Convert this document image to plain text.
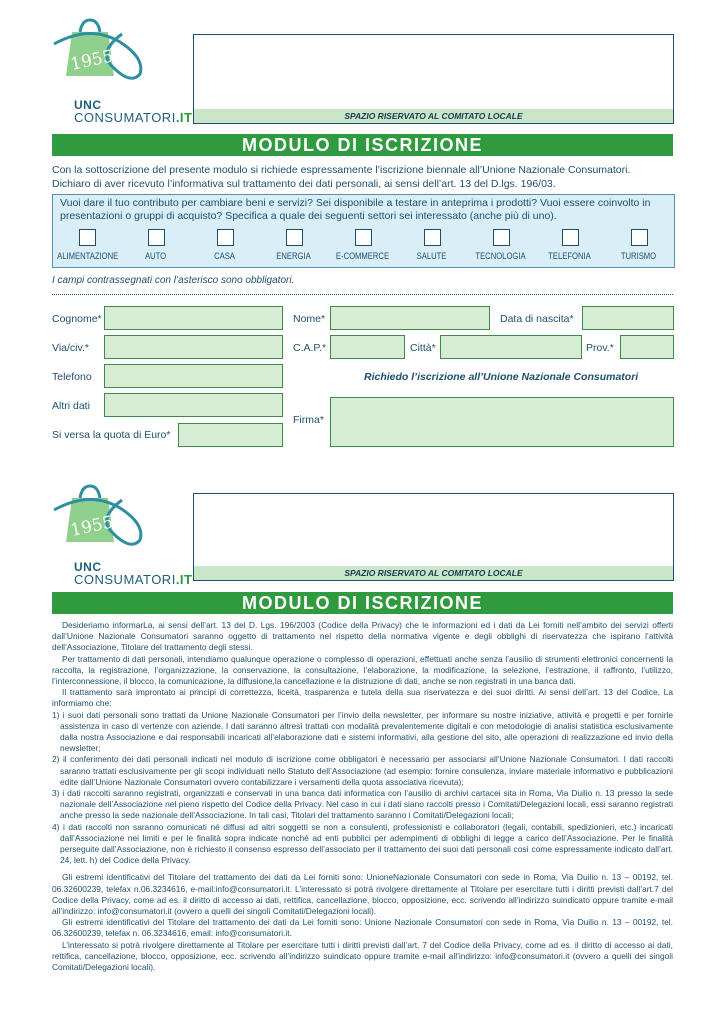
1955
UNC
CONSUMATORI.IT	SPAZIO RISERVATO AL COMITATO LOCALE
MODULO DI ISCRIZIONE
Con la sottoscrizione del presente modulo si richiede espressamente l’iscrizione biennale all’Unione Nazionale Consumatori.
Dichiaro di aver ricevuto l’informativa sul trattamento dei dati personali, ai sensi dell’art. 13 del D.lgs. 196/03.
Vuoi dare il tuo contributo per cambiare beni e servizi? Sei disponibile a testare in anteprima i prodotti? Vuoi essere coinvolto in presentazioni o gruppi di acquisto? Specifica a quale dei seguenti settori sei interessato (anche più di uno).
ALIMENTAZIONE	AUTO	CASA	ENERGIA	E-COMMERCE	SALUTE	TECNOLOGIA	TELEFONIA	TURISMO
I campi contrassegnati con l’asterisco sono obbligatori.
Cognome*	Nome*	Data di nascita*
Via/civ.*	C.A.P.*	Città*	Prov.*
Telefono	Richiedo l’iscrizione all’Unione Nazionale Consumatori
Altri dati
Firma*
Si versa la quota di Euro*
1955
UNC
CONSUMATORI.IT	SPAZIO RISERVATO AL COMITATO LOCALE
MODULO DI ISCRIZIONE

Desideriamo informarLa, ai sensi dell’art. 13 del D. Lgs. 196/2003 (Codice della Privacy) che le informazioni ed i dati da Lei forniti nell’ambito dei servizi offerti dall’Unione Nazionale Consumatori saranno oggetto di trattamento nel rispetto della normativa vigente e degli obblighi di riservatezza che ispirano l’attività dell’Associazione, Titolare del trattamento degli stessi.

Per trattamento di dati personali, intendiamo qualunque operazione o complesso di operazioni, effettuati anche senza l’ausilio di strumenti elettronici concernenti la raccolta, la registrazione, l’organizzazione, la conservazione, la consultazione, l’elaborazione, la modificazione, la selezione, l’estrazione, il raffronto, l’utilizzo, l’interconnessione, il blocco, la comunicazione, la diffusione,la cancellazione e la distruzione di dati, anche se non registrati in una banca dati.

Il trattamento sarà improntato ai principi di correttezza, liceità, trasparenza e tutela della sua riservatezza e dei suoi diritti. Ai sensi dell’art. 13 del Codice, La informiamo che:

1) i suoi dati personali sono trattati da Unione Nazionale Consumatori per l’invio della newsletter, per informare su nostre iniziative, attività e progetti e per fornirle assistenza in caso di vertenze con aziende. I dati saranno altresì trattati con modalità prevalentemente digitali e con metodologie di analisi statistica esclusivamente dalla nostra Associazione e dai responsabili incaricati all’elaborazione dati e sistemi informativi, alla gestione del sito, alle operazioni di realizzazione ed invio della newsletter;

2) il conferimento dei dati personali indicati nel modulo di iscrizione come obbligatori è necessario per associarsi all’Unione Nazionale Consumatori. I dati raccolti saranno trattati esclusivamente per gli scopi individuati nello Statuto dell’Associazione (ad esempio: fornire consulenza, inviare materiale informativo e pubblicazioni edite dall’Unione Nazionale Consumatori ovvero contabilizzare i versamenti della quota associativa ricevuta);

3) i dati raccolti saranno registrati, organizzati e conservati in una banca dati informatica con l’ausilio di archivi cartacei sita in Roma, Via Duilio n. 13 presso la sede nazionale dell’Associazione nel pieno rispetto del Codice della Privacy. Nel caso in cui i dati siano raccolti presso i Comitati/Delegazioni locali, essi saranno registrati anche presso la sede nazionale dell’Associazione. In tali casi, Titolari del trattamento saranno i Comitati/Delegazioni locali;

4) i dati raccolti non saranno comunicati né diffusi ad altri soggetti se non a consulenti, professionisti e collaboratori (legali, contabili, spedizionieri, etc.) incaricati dall’Associazione nei limiti e per le finalità sopra indicate nonché ad enti pubblici per adempimenti di obblighi di legge a carico dell’Associazione. Per le finalità perseguite dall’Associazione, non è richiesto il consenso espresso dell’associato per il trattamento dei suoi dati personali così come espressamente indicato dall’art. 24, lett. h) del Codice della Privacy.

Gli estremi identificativi del Titolare del trattamento dei dati da Lei forniti sono: UnioneNazionale Consumatori con sede in Roma, Via Duilio n. 13 – 00192, tel. 06.32600239, telefax n.06.3234616, e-mail:info@consumatori.it. L’interessato si potrà rivolgere direttamente al Titolare per esercitare tutti i diritti previsti dall’art.7 del Codice della Privacy, come ad es. il diritto di accesso ai dati, rettifica, cancellazione, blocco, opposizione, ecc. scrivendo all’indirizzo suindicato oppure tramite e-mail all’indirizzo: info@consumatori.it (ovvero a quelli dei singoli Comitati/Delegazioni locali).

Gli estremi identificativi del Titolare del trattamento dei dati da Lei forniti sono: Unione Nazionale Consumatori con sede in Roma, Via Duilio n. 13 – 00192, tel. 06.32600239, telefax n. 06.3234616, email: info@consumatori.it.

L’interessato si potrà rivolgere direttamente al Titolare per esercitare tutti i diritti previsti dall’art. 7 del Codice della Privacy, come ad es. il diritto di accesso ai dati, rettifica, cancellazione, blocco, opposizione, ecc. scrivendo all’indirizzo suindicato oppure tramite e-mail all’indirizzo: info@consumatori.it (ovvero a quelli dei singoli Comitati/Delegazioni locali).
